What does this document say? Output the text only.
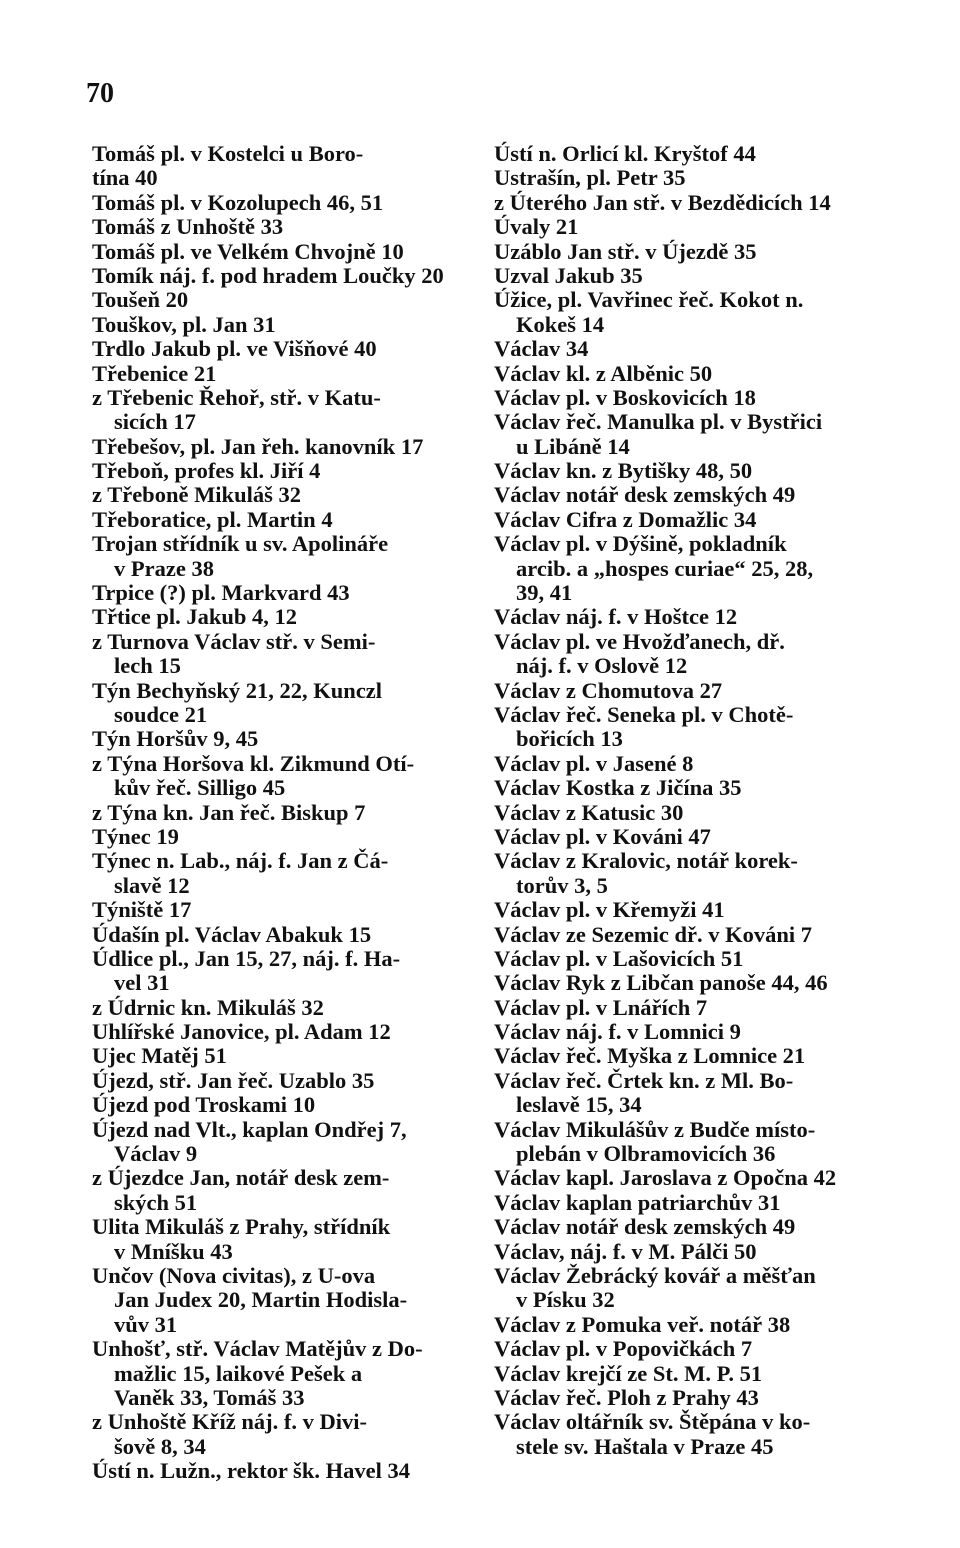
70
Tomáš pl. v Kostelci u Boro-
tína 40
Tomáš pl. v Kozolupech 46, 51
Tomáš z Unhoště 33
Tomáš pl. ve Velkém Chvojně 10
Tomík náj. f. pod hradem Loučky 20
Toušeň 20
Touškov, pl. Jan 31
Trdlo Jakub pl. ve Višňové 40
Třebenice 21
z Třebenic Řehoř, stř. v Katu-
sicích 17
Třebešov, pl. Jan řeh. kanovník 17
Třeboň, profes kl. Jiří 4
z Třeboně Mikuláš 32
Třeboratice, pl. Martin 4
Trojan střídník u sv. Apolináře
v Praze 38
Trpice (?) pl. Markvard 43
Třtice pl. Jakub 4, 12
z Turnova Václav stř. v Semi-
lech 15
Týn Bechyňský 21, 22, Kunczl
soudce 21
Týn Horšův 9, 45
z Týna Horšova kl. Zikmund Otí-
kův řeč. Silligo 45
z Týna kn. Jan řeč. Biskup 7
Týnec 19
Týnec n. Lab., náj. f. Jan z Čá-
slavě 12
Týniště 17
Údašín pl. Václav Abakuk 15
Údlice pl., Jan 15, 27, náj. f. Ha-
vel 31
z Údrnic kn. Mikuláš 32
Uhlířské Janovice, pl. Adam 12
Ujec Matěj 51
Újezd, stř. Jan řeč. Uzablo 35
Újezd pod Troskami 10
Újezd nad Vlt., kaplan Ondřej 7,
Václav 9
z Újezdce Jan, notář desk zem-
ských 51
Ulita Mikuláš z Prahy, střídník
v Mníšku 43
Unčov (Nova civitas), z U-ova
Jan Judex 20, Martin Hodisla-
vův 31
Unhošť, stř. Václav Matějův z Do-
mažlic 15, laikové Pešek a
Vaněk 33, Tomáš 33
z Unhoště Kříž náj. f. v Divi-
šově 8, 34
Ústí n. Lužn., rektor šk. Havel 34
Ústí n. Orlicí kl. Kryštof 44
Ustrašín, pl. Petr 35
z Úterého Jan stř. v Bezdědicích 14
Úvaly 21
Uzáblo Jan stř. v Újezdě 35
Uzval Jakub 35
Úžice, pl. Vavřinec řeč. Kokot n.
Kokeš 14
Václav 34
Václav kl. z Alběnic 50
Václav pl. v Boskovicích 18
Václav řeč. Manulka pl. v Bystřici
u Libáně 14
Václav kn. z Bytišky 48, 50
Václav notář desk zemských 49
Václav Cifra z Domažlic 34
Václav pl. v Dýšině, pokladník
arcib. a „hospes curiae“ 25, 28,
39, 41
Václav náj. f. v Hoštce 12
Václav pl. ve Hvožďanech, dř.
náj. f. v Oslově 12
Václav z Chomutova 27
Václav řeč. Seneka pl. v Chotě-
bořicích 13
Václav pl. v Jasené 8
Václav Kostka z Jičína 35
Václav z Katusic 30
Václav pl. v Kováni 47
Václav z Kralovic, notář korek-
torův 3, 5
Václav pl. v Křemyži 41
Václav ze Sezemic dř. v Kováni 7
Václav pl. v Lašovicích 51
Václav Ryk z Libčan panoše 44, 46
Václav pl. v Lnářích 7
Václav náj. f. v Lomnici 9
Václav řeč. Myška z Lomnice 21
Václav řeč. Črtek kn. z Ml. Bo-
leslavě 15, 34
Václav Mikulášův z Budče místo-
plebán v Olbramovicích 36
Václav kapl. Jaroslava z Opočna 42
Václav kaplan patriarchův 31
Václav notář desk zemských 49
Václav, náj. f. v M. Pálči 50
Václav Žebrácký kovář a měšťan
v Písku 32
Václav z Pomuka veř. notář 38
Václav pl. v Popovičkách 7
Václav krejčí ze St. M. P. 51
Václav řeč. Ploh z Prahy 43
Václav oltářník sv. Štěpána v ko-
stele sv. Haštala v Praze 45
